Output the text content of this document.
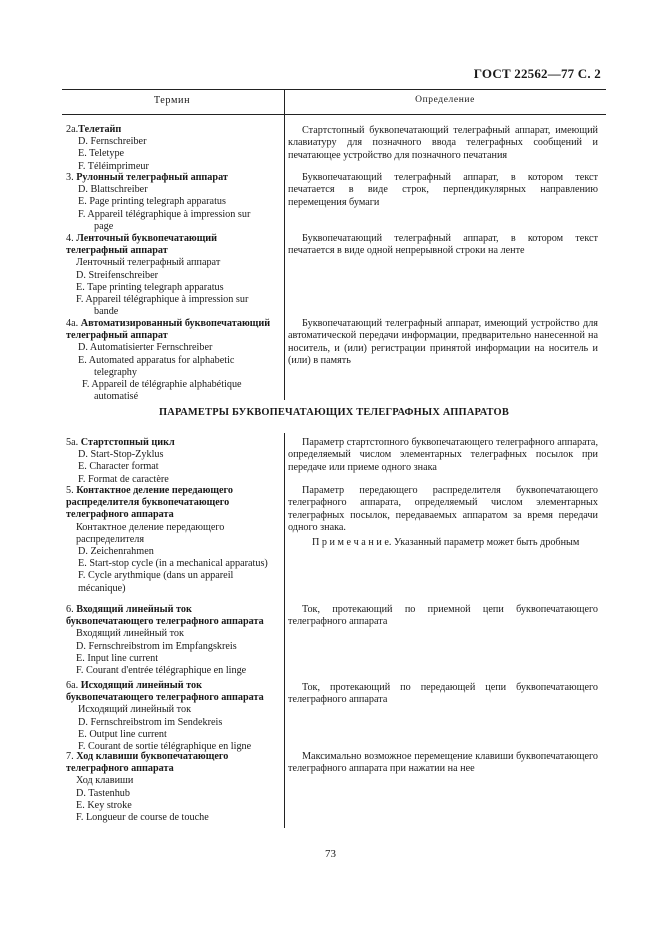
ГОСТ 22562—77 С. 2
Термин	Определение
2а.Телетайп
D. Fernschreiber
E. Teletype
F. Téléimprimeur
Стартстопный буквопечатающий телеграфный аппарат, имеющий клавиатуру для позначного ввода телеграфных сообщений и печатающее устройство для позначного печатания
3. Рулонный телеграфный аппарат
D. Blattschreiber
E. Page printing telegraph apparatus
F. Appareil télégraphique à impression sur
page
Буквопечатающий телеграфный аппарат, в котором текст печатается в виде строк, перпендикулярных направлению перемещения бумаги
4. Ленточный буквопечатающий телеграфный аппарат
Ленточный телеграфный аппарат
D. Streifenschreiber
E. Tape printing telegraph apparatus
F. Appareil télégraphique à impression sur
bande
Буквопечатающий телеграфный аппарат, в котором текст печатается в виде одной непрерывной строки на ленте
4а. Автоматизированный буквопечатающий телеграфный аппарат
D. Automatisierter Fernschreiber
E. Automated apparatus for alphabetic
telegraphy
F. Appareil de télégraphie alphabétique
automatisé
Буквопечатающий телеграфный аппарат, имеющий устройство для автоматической передачи информации, предварительно нанесенной на носитель, и (или) регистрации принятой информации на носитель и (или) в память
ПАРАМЕТРЫ БУКВОПЕЧАТАЮЩИХ ТЕЛЕГРАФНЫХ АППАРАТОВ
5а. Стартстопный цикл
D. Start-Stop-Zyklus
E. Character format
F. Format de caractère
Параметр стартстопного буквопечатающего телеграфного аппарата, определяемый числом элементарных телеграфных посылок при передаче или приеме одного знака
5. Контактное деление передающего распределителя буквопечатающего телеграфного аппарата
Контактное деление передающего распределителя
D. Zeichenrahmen
E. Start-stop cycle (in a mechanical apparatus)
F. Cycle arythmique (dans un appareil mécanique)
Параметр передающего распределителя буквопечатающего телеграфного аппарата, определяемый числом элементарных телеграфных посылок, передаваемых аппаратом за время передачи одного знака.
П р и м е ч а н и е. Указанный параметр может быть дробным
6. Входящий линейный ток буквопечатающего телеграфного аппарата
Входящий линейный ток
D. Fernschreibstrom im Empfangskreis
E. Input line current
F. Courant d'entrée télégraphique en linge
Ток, протекающий по приемной цепи буквопечатающего телеграфного аппарата
6а. Исходящий линейный ток буквопечатающего телеграфного аппарата
Исходящий линейный ток
D. Fernschreibstrom im Sendekreis
E. Output line current
F. Courant de sortie télégraphique en ligne
Ток, протекающий по передающей цепи буквопечатающего телеграфного аппарата
7. Ход клавиши буквопечатающего телеграфного аппарата
Ход клавиши
D. Tastenhub
E. Key stroke
F. Longueur de course de touche
Максимально возможное перемещение клавиши буквопечатающего телеграфного аппарата при нажатии на нее
73
